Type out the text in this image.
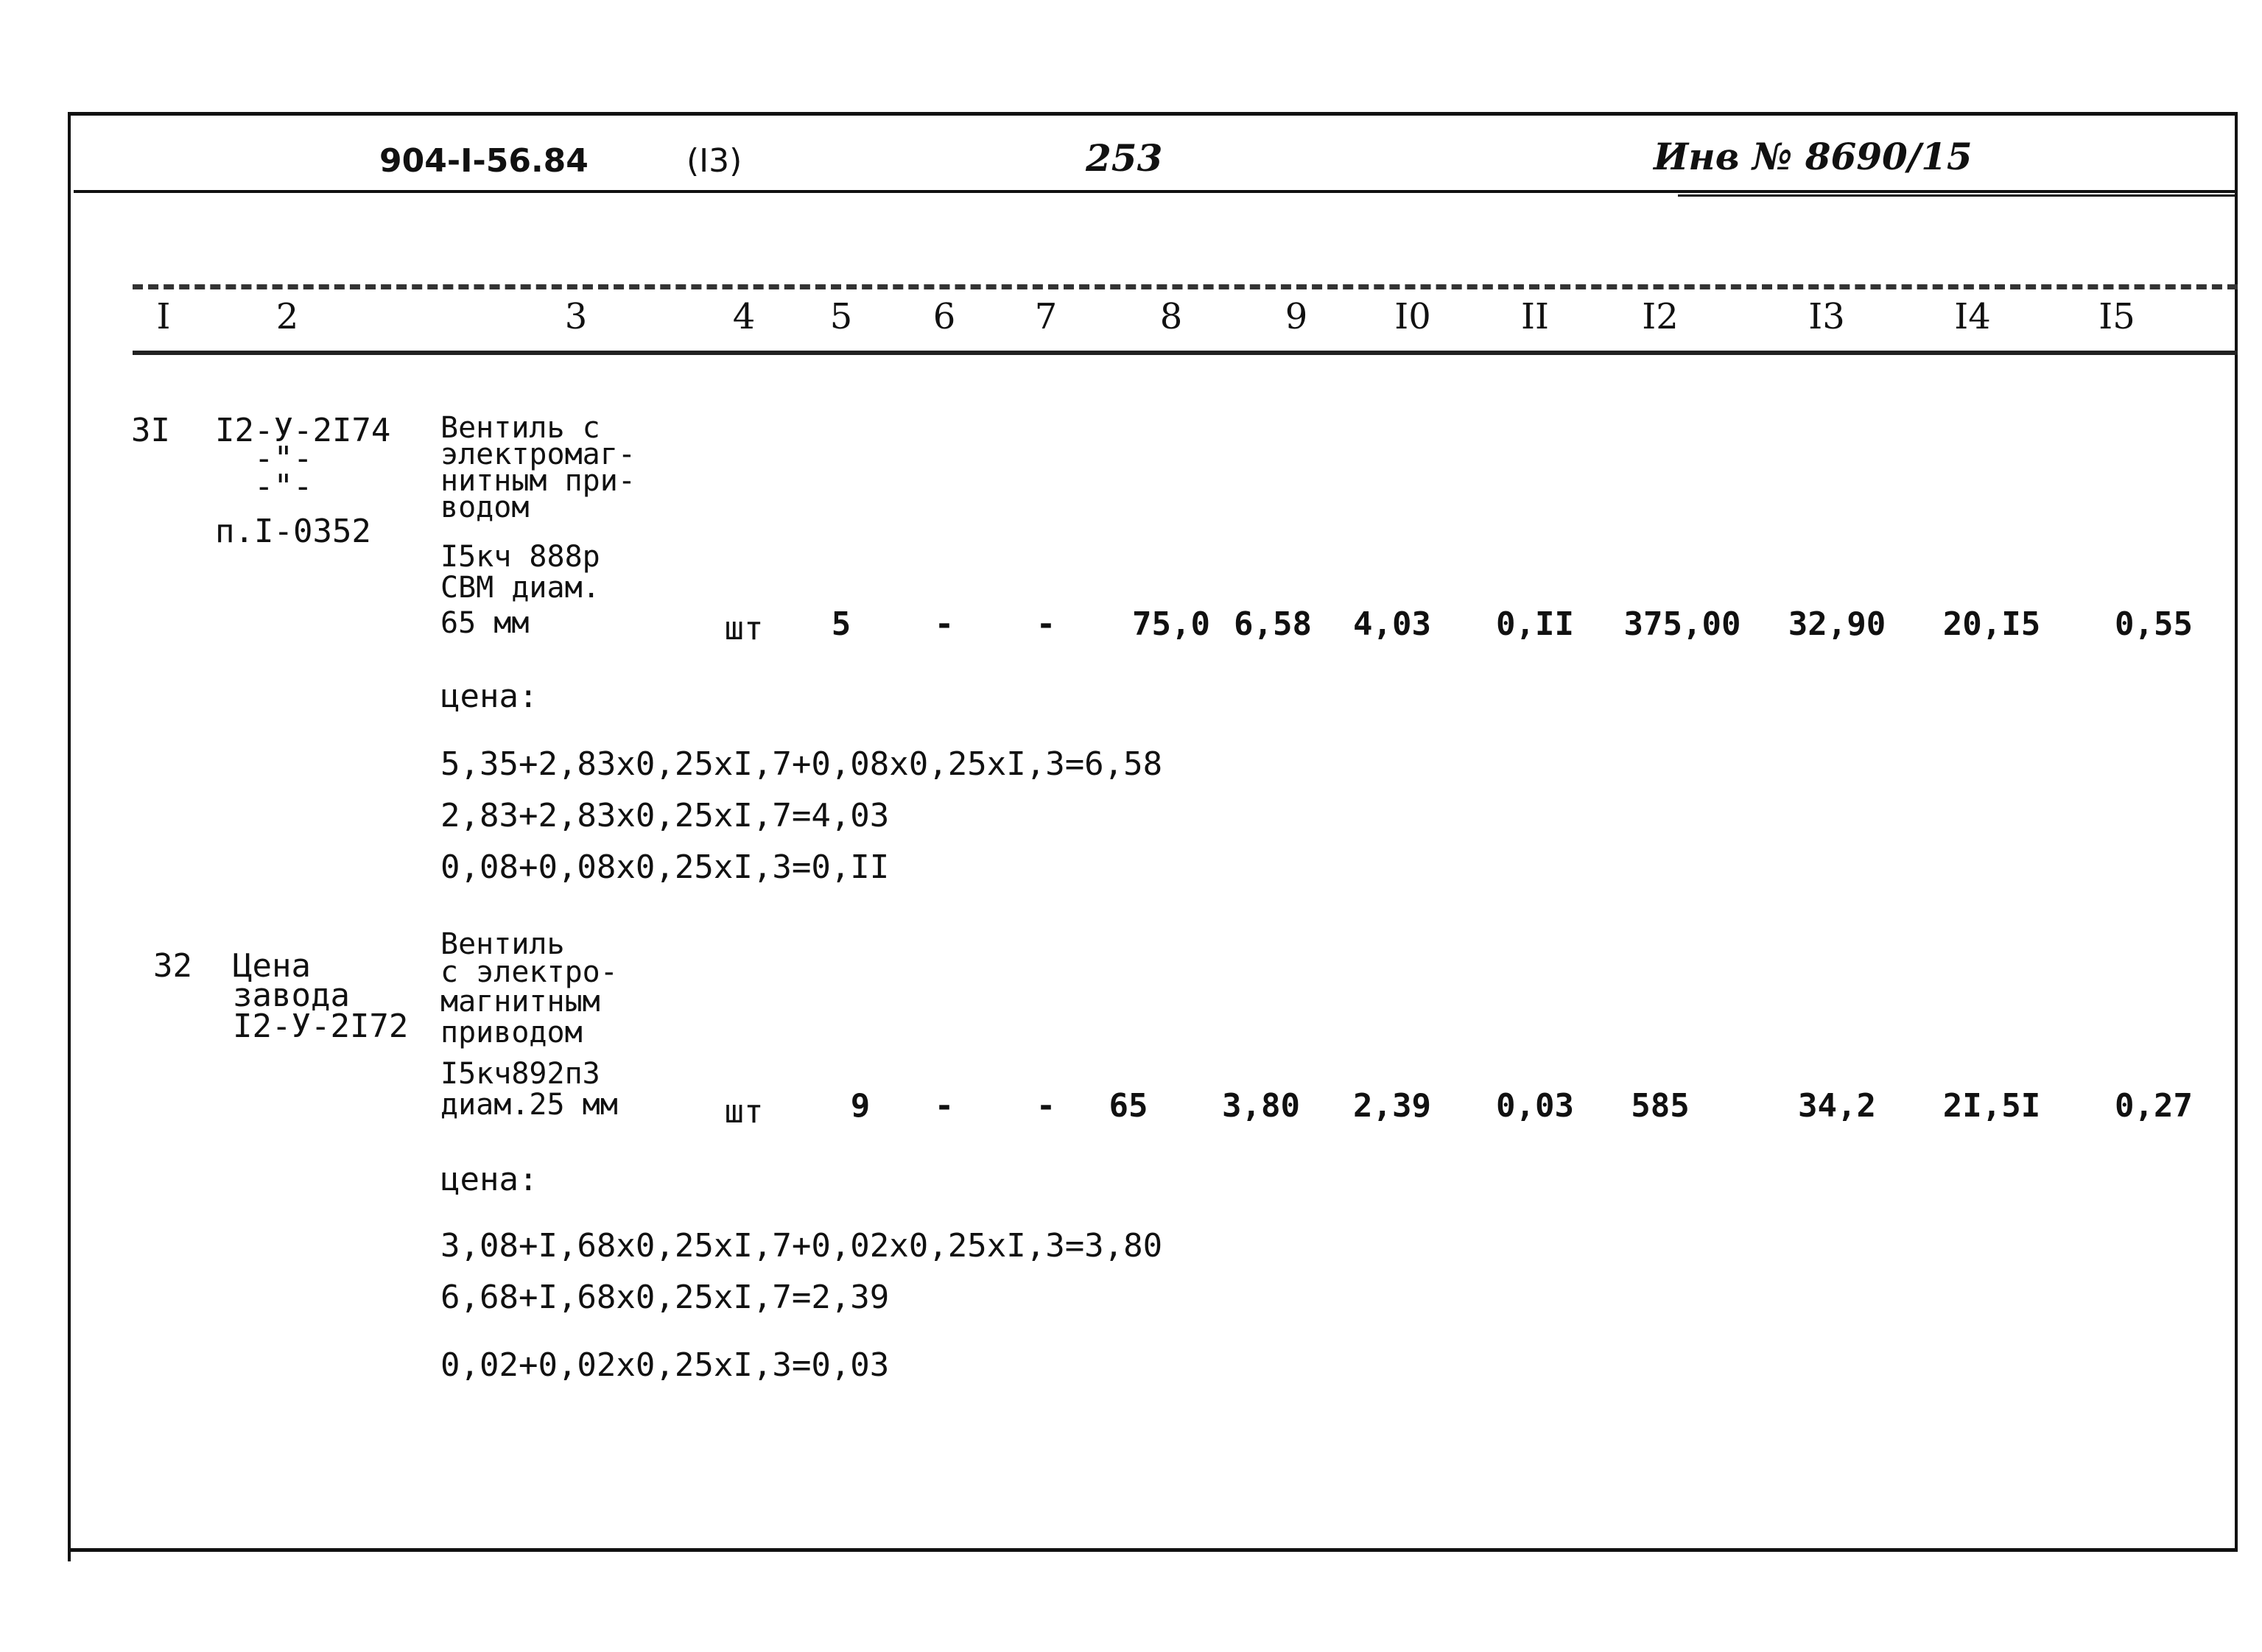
904-I-56.84	(I3)	253	Инв № 8690/15
I	2	3	4 5 6 7	8	9 I0	II	I2	I3	I4	I5
3I I2-У-2I74
-"-
-"-
п.I-0352
Вентиль с
электромаг-
нитным при-
водом
I5кч 888р
СВМ диам.
65 мм	шт 5	-	- 75,0 6,58 4,03 0,II 375,00 32,90 20,I5 0,55
цена:
5,35+2,83x0,25xI,7+0,08x0,25xI,3=6,58
2,83+2,83x0,25xI,7=4,03
0,08+0,08x0,25xI,3=0,II
32 Цена
завода
I2-У-2I72
Вентиль
с электро-
магнитным
приводом
I5кч892п3
диам.25 мм	шт	9 -	- 65 3,80 2,39 0,03 585	34,2 2I,5I 0,27
цена:
3,08+I,68x0,25xI,7+0,02x0,25xI,3=3,80
6,68+I,68x0,25xI,7=2,39
0,02+0,02x0,25xI,3=0,03
